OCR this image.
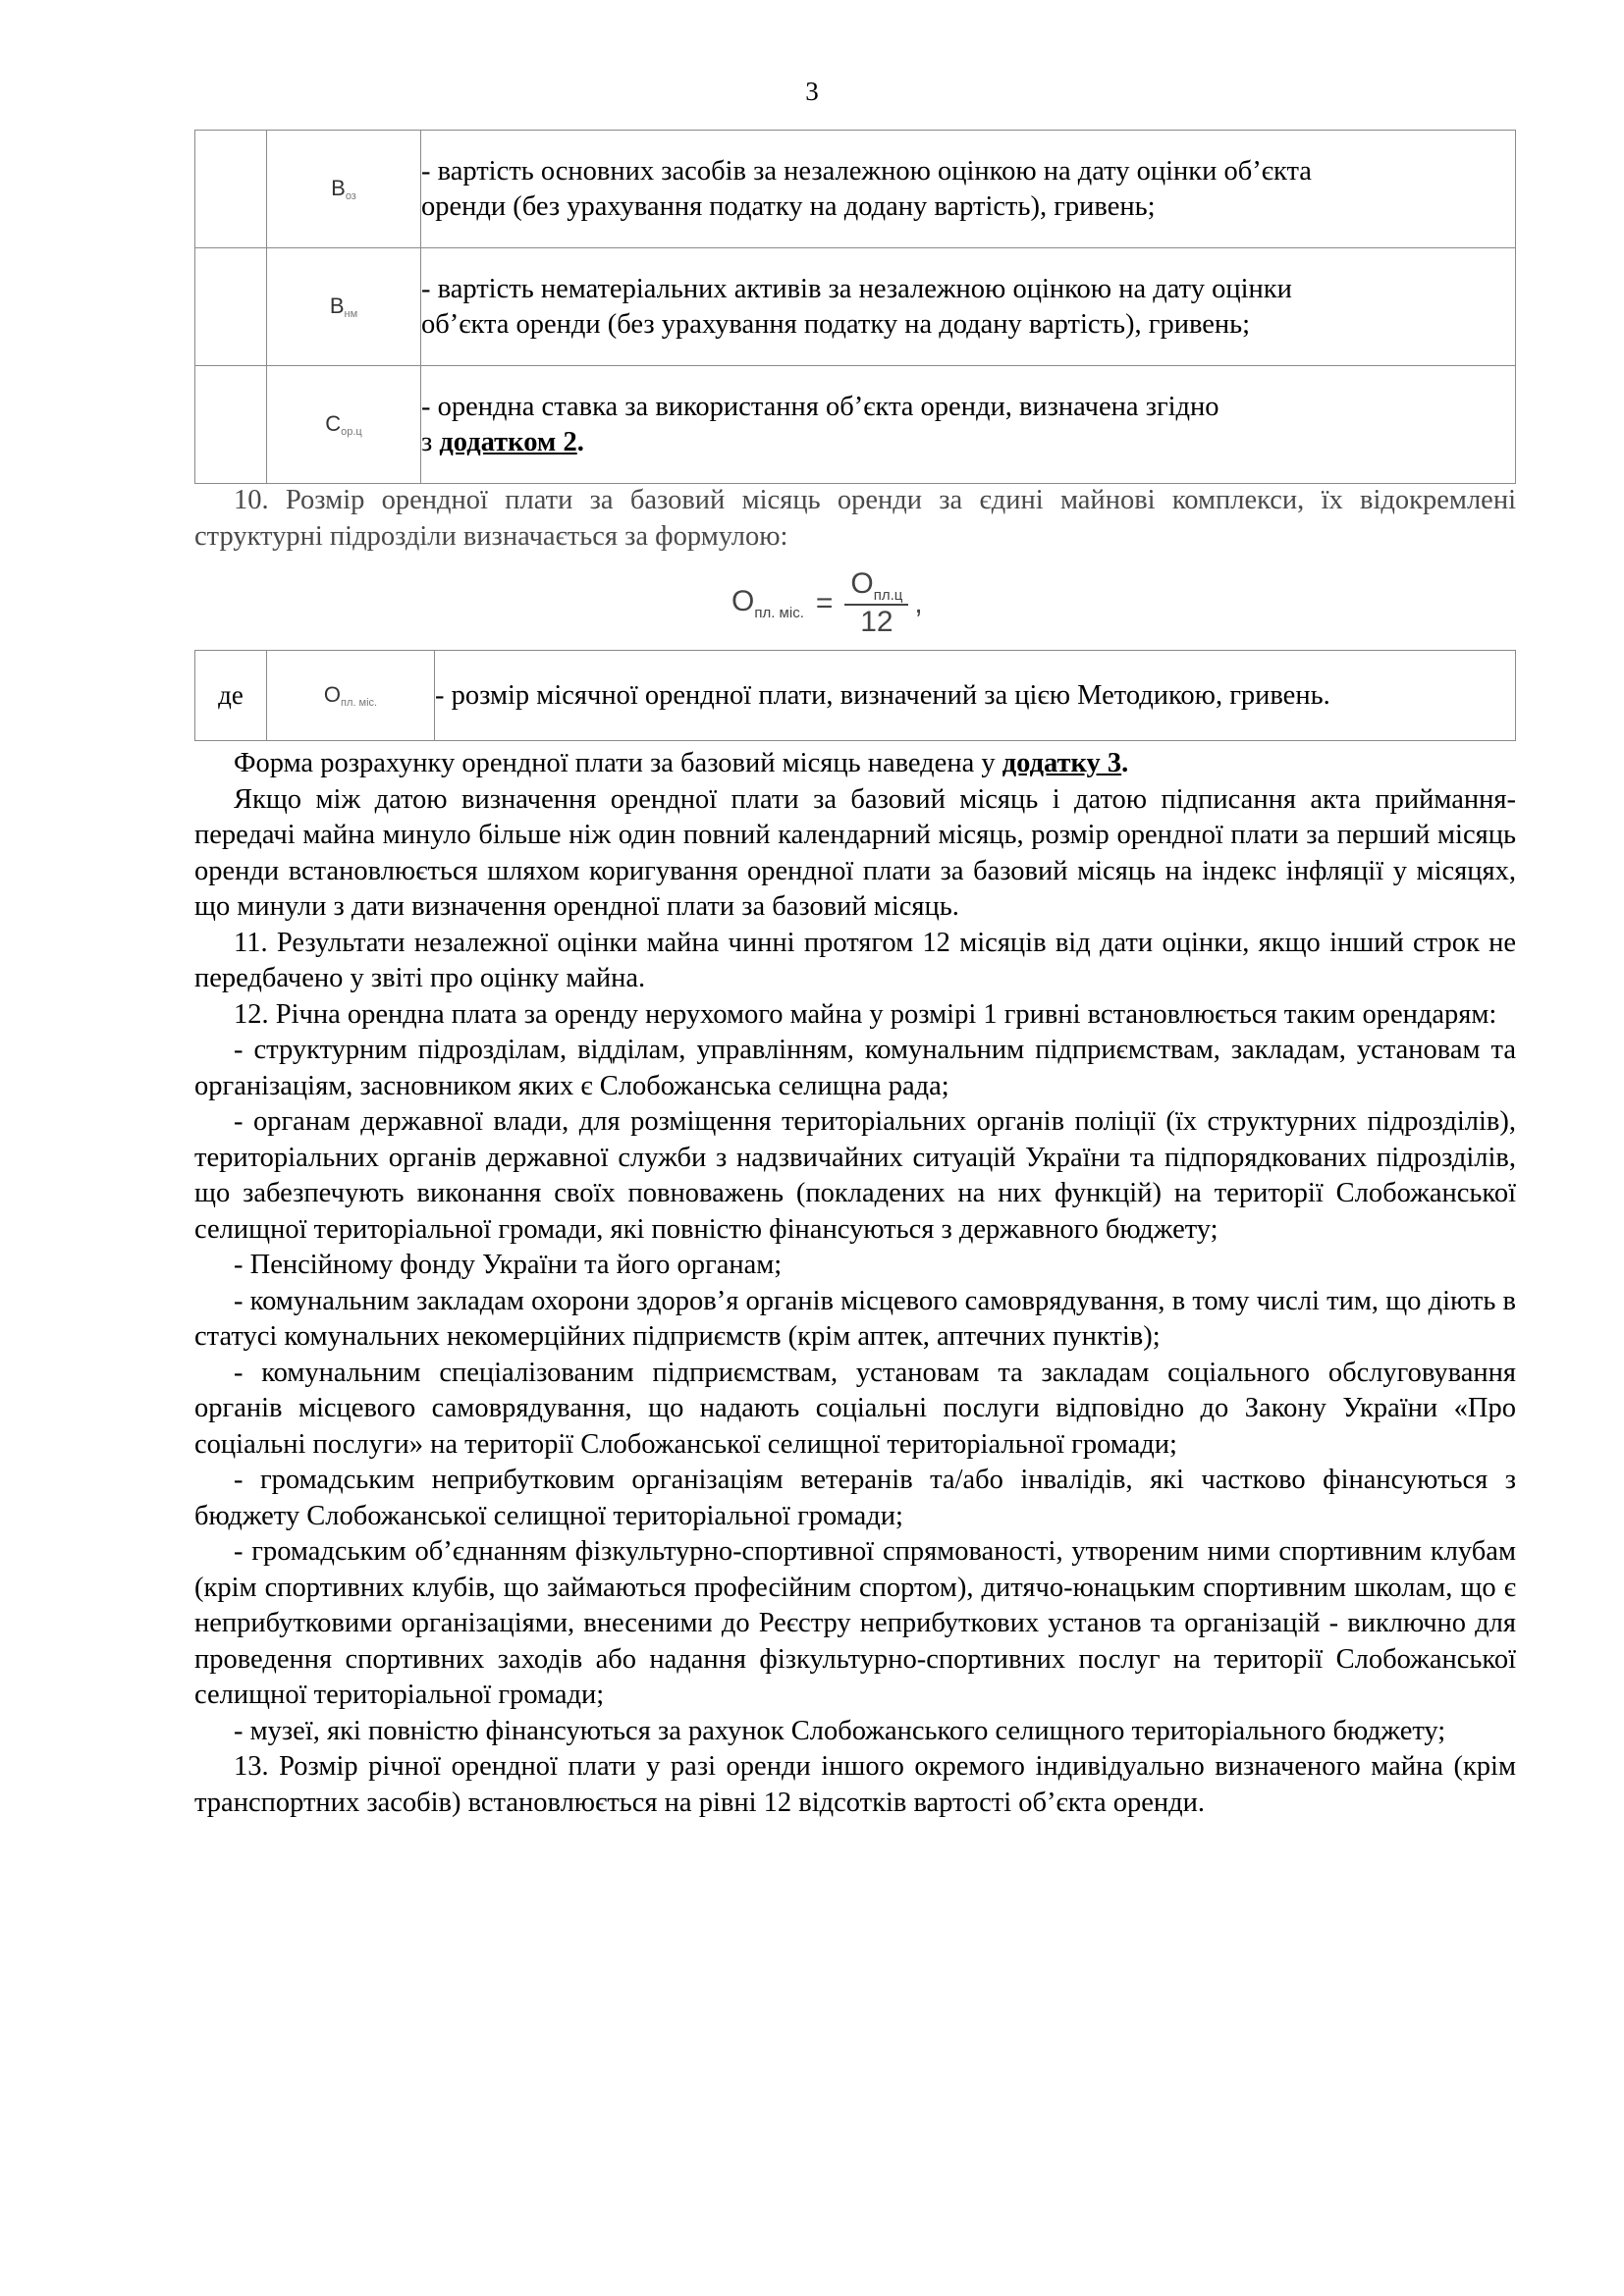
3
	$В_{оз}$	- вартість основних засобів за незалежною оцінкою на дату оцінки об’єкта
оренди (без урахування податку на додану вартість), гривень;

	$В_{нм}$	- вартість нематеріальних активів за незалежною оцінкою на дату оцінки
об’єкта оренди (без урахування податку на додану вартість), гривень;

	$С_{ор.ц}$	- орендна ставка за використання об’єкта оренди, визначена згідно
з додатком 2.

10. Розмір орендної плати за базовий місяць оренди за єдині майнові комплекси, їх відокремлені структурні підрозділи визначається за формулою:

$О_{пл. міс.} = \frac{О_{пл.ц}}{12}$ ,
де	$О_{пл. міс.}$	- розмір місячної орендної плати, визначений за цією Методикою, гривень.

Форма розрахунку орендної плати за базовий місяць наведена у додатку 3.

Якщо між датою визначення орендної плати за базовий місяць і датою підписання акта приймання-передачі майна минуло більше ніж один повний календарний місяць, розмір орендної плати за перший місяць оренди встановлюється шляхом коригування орендної плати за базовий місяць на індекс інфляції у місяцях, що минули з дати визначення орендної плати за базовий місяць.

11. Результати незалежної оцінки майна чинні протягом 12 місяців від дати оцінки, якщо інший строк не передбачено у звіті про оцінку майна.

12. Річна орендна плата за оренду нерухомого майна у розмірі 1 гривні встановлюється таким орендарям:

- структурним підрозділам, відділам, управлінням, комунальним підприємствам, закладам, установам та організаціям, засновником яких є Слобожанська селищна рада;

- органам державної влади, для розміщення територіальних органів поліції (їх структурних підрозділів), територіальних органів державної служби з надзвичайних ситуацій України та підпорядкованих підрозділів, що забезпечують виконання своїх повноважень (покладених на них функцій) на території Слобожанської селищної територіальної громади, які повністю фінансуються з державного бюджету;

- Пенсійному фонду України та його органам;

- комунальним закладам охорони здоров’я органів місцевого самоврядування, в тому числі тим, що діють в статусі комунальних некомерційних підприємств (крім аптек, аптечних пунктів);

- комунальним спеціалізованим підприємствам, установам та закладам соціального обслуговування органів місцевого самоврядування, що надають соціальні послуги відповідно до Закону України «Про соціальні послуги» на території Слобожанської селищної територіальної громади;

- громадським неприбутковим організаціям ветеранів та/або інвалідів, які частково фінансуються з бюджету Слобожанської селищної територіальної громади;

- громадським об’єднанням фізкультурно-спортивної спрямованості, утвореним ними спортивним клубам (крім спортивних клубів, що займаються професійним спортом), дитячо-юнацьким спортивним школам, що є неприбутковими організаціями, внесеними до Реєстру неприбуткових установ та організацій - виключно для проведення спортивних заходів або надання фізкультурно-спортивних послуг на території Слобожанської селищної територіальної громади;

- музеї, які повністю фінансуються за рахунок Слобожанського селищного територіального бюджету;

13. Розмір річної орендної плати у разі оренди іншого окремого індивідуально визначеного майна (крім транспортних засобів) встановлюється на рівні 12 відсотків вартості об’єкта оренди.
